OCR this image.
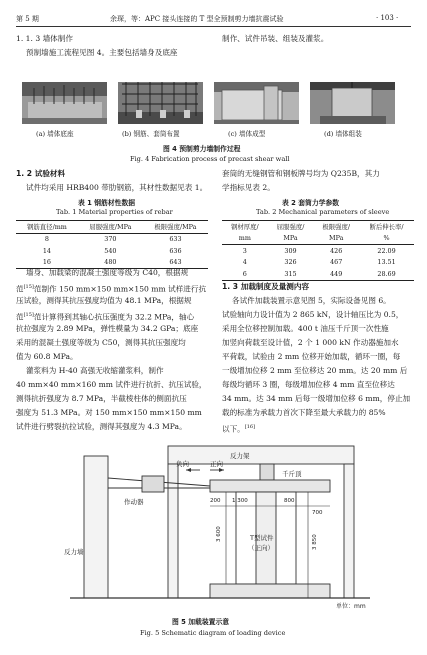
第 5 期	余琛，等：APC 接头连接的 T 型全预制剪力墙抗震试验	· 103 ·
1. 1. 3 墙体制作
预制墙施工流程见图 4。主要包括墙身及底座
制作、试件吊装、组装及灌浆。
(a) 墙体底座	(b) 钢筋、套筒布置	(c) 墙体成型	(d) 墙体组装
图 4 预制剪力墙制作过程
Fig. 4 Fabrication process of precast shear wall
1. 2 试验材料
试件均采用 HRB400 带肋钢筋，其材性数据见表 1。
表 1 钢筋材性数据
Tab. 1 Material properties of rebar
钢筋直径/mm	屈服强度/MPa	极限强度/MPa
8	370	633
14	540	636
16	480	643
墙身、加载梁的混凝土强度等级为 C40，根据规
范[15]范制作 150 mm×150 mm×150 mm 试样进行抗
压试验，测得其抗压强度均值为 48.1 MPa，根据规
范[15]范计算得到其轴心抗压强度为 32.2 MPa，轴心
抗拉强度为 2.89 MPa，弹性模量为 34.2 GPa；底座
采用的混凝土强度等级为 C50，测得其抗压强度均
值为 60.8 MPa。
灌浆料为 H-40 高强无收缩灌浆料，制作
40 mm×40 mm×160 mm 试件进行抗折、抗压试验，
测得抗折强度为 8.7 MPa，半截棱柱体的侧面抗压
强度为 51.3 MPa。对 150 mm×150 mm×150 mm
试件进行劈裂抗拉试验，测得其强度为 4.3 MPa。
套筒的无缝钢管和钢板牌号均为 Q235B，其力
学指标见表 2。
表 2 套筒力学参数
Tab. 2 Mechanical parameters of sleeve
钢材厚度/	屈服强度/	极限强度/	断后伸长率/
mm	MPa	MPa	%
3	309	426	22.09
4	326	467	13.51
6	315	449	28.69
1. 3 加载制度及量测内容
各试件加载装置示意见图 5，实际设备见图 6。
试验轴向力设计值为 2 865 kN，设计轴压比为 0.5，
采用全位移控制加载。400 t 油压千斤顶一次性施
加竖向荷载至设计值，2 个 1 000 kN 作动器施加水
平荷载，试验由 2 mm 位移开始加载，循环一圈，每
一级增加位移 2 mm 至位移达 20 mm。达 20 mm 后
每级均循环 3 圈，每级增加位移 4 mm 直至位移达
34 mm。达 34 mm 后每一级增加位移 6 mm，停止加
载的标准为承载力首次下降至最大承载力的 85%
以下。[16]
反力架
负向	正向
千斤顶
作动器
反力墙
T型试件
（正向）
200 1 300	800
700
3 600
3 850
单位：mm
图 5 加载装置示意
Fig. 5 Schematic diagram of loading device
